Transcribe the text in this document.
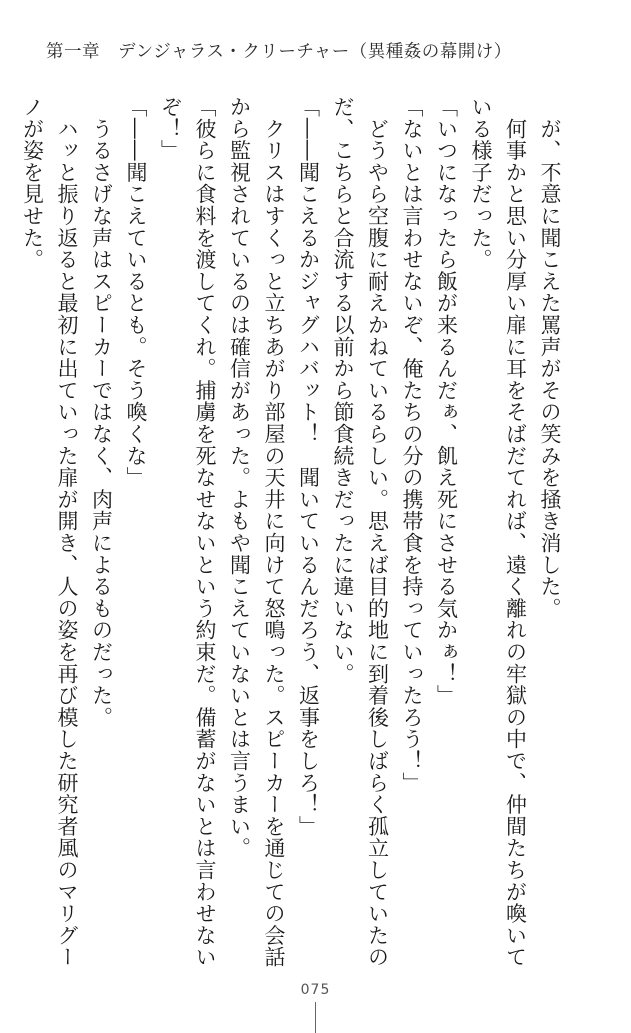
第一章　デンジャラス・クリーチャー（異種姦の幕開け）
　が、不意に聞こえた罵声がその笑みを掻き消した。
　何事かと思い分厚い扉に耳をそばだてれば、遠く離れの牢獄の中で、仲間たちが喚いて
いる様子だった。
「いつになったら飯が来るんだぁ、飢え死にさせる気かぁ！」
「ないとは言わせないぞ、俺たちの分の携帯食を持っていったろう！」
　どうやら空腹に耐えかねているらしい。思えば目的地に到着後しばらく孤立していたの
だ、こちらと合流する以前から節食続きだったに違いない。
「――聞こえるかジャグハバット！　聞いているんだろう、返事をしろ！」
　クリスはすくっと立ちあがり部屋の天井に向けて怒鳴った。スピーカーを通じての会話
から監視されているのは確信があった。よもや聞こえていないとは言うまい。
「彼らに食料を渡してくれ。捕虜を死なせないという約束だ。備蓄がないとは言わせない
ぞ！」
「――聞こえているとも。そう喚くな」
　うるさげな声はスピーカーではなく、肉声によるものだった。
　ハッと振り返ると最初に出ていった扉が開き、人の姿を再び模した研究者風のマリグー
ノが姿を見せた。
075
